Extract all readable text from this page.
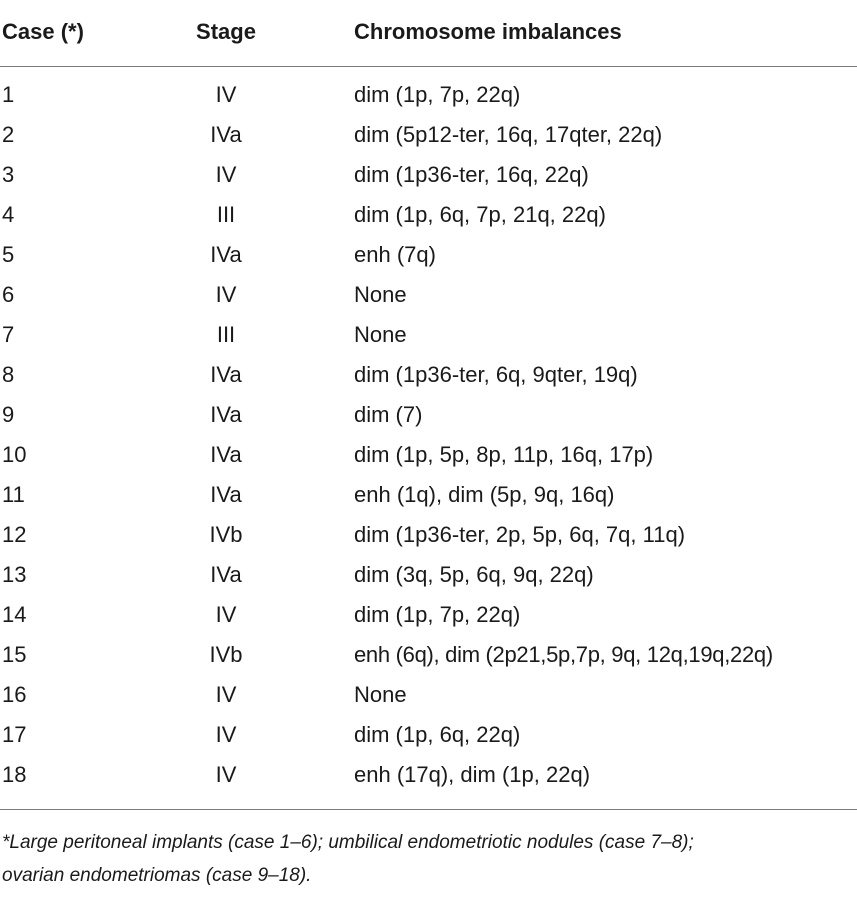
Case (*)	Stage	Chromosome imbalances
1	IV	dim (1p, 7p, 22q)
2	IVa	dim (5p12-ter, 16q, 17qter, 22q)
3	IV	dim (1p36-ter, 16q, 22q)
4	III	dim (1p, 6q, 7p, 21q, 22q)
5	IVa	enh (7q)
6	IV	None
7	III	None
8	IVa	dim (1p36-ter, 6q, 9qter, 19q)
9	IVa	dim (7)
10	IVa	dim (1p, 5p, 8p, 11p, 16q, 17p)
11	IVa	enh (1q), dim (5p, 9q, 16q)
12	IVb	dim (1p36-ter, 2p, 5p, 6q, 7q, 11q)
13	IVa	dim (3q, 5p, 6q, 9q, 22q)
14	IV	dim (1p, 7p, 22q)
15	IVb	enh (6q), dim (2p21,5p,7p, 9q, 12q,19q,22q)
16	IV	None
17	IV	dim (1p, 6q, 22q)
18	IV	enh (17q), dim (1p, 22q)
*Large peritoneal implants (case 1–6); umbilical endometriotic nodules (case 7–8);
ovarian endometriomas (case 9–18).
